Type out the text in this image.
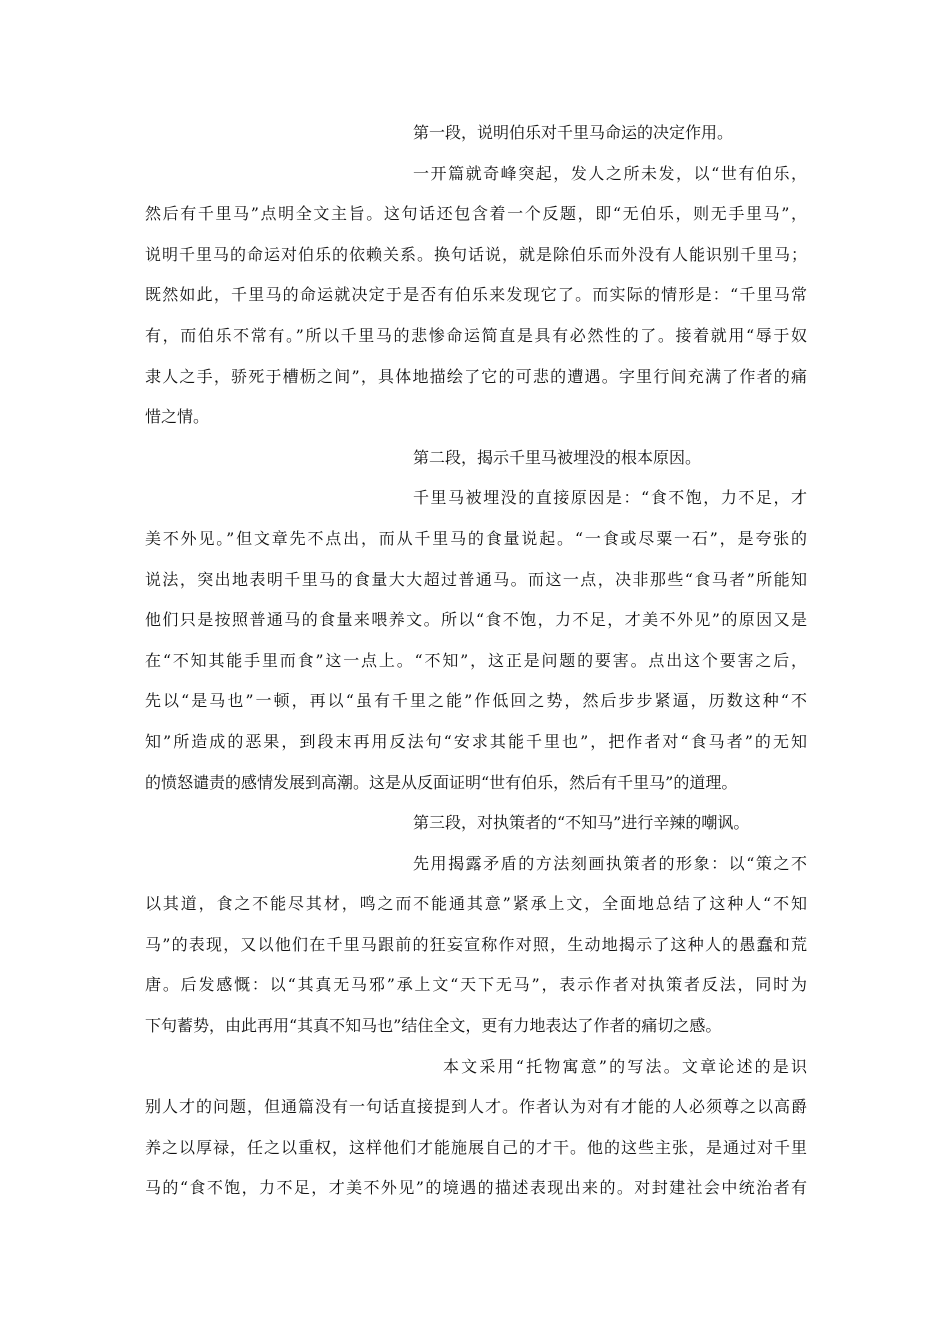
第一段，说明伯乐对千里马命运的决定作用。
一开篇就奇峰突起，发人之所未发，以“世有伯乐，
然后有千里马”点明全文主旨。这句话还包含着一个反题，即“无伯乐，则无手里马”，
说明千里马的命运对伯乐的依赖关系。换句话说，就是除伯乐而外没有人能识别千里马；
既然如此，千里马的命运就决定于是否有伯乐来发现它了。而实际的情形是：“千里马常
有，而伯乐不常有。”所以千里马的悲惨命运简直是具有必然性的了。接着就用“辱于奴
隶人之手，骄死于槽枥之间”，具体地描绘了它的可悲的遭遇。字里行间充满了作者的痛
惜之情。
第二段，揭示千里马被埋没的根本原因。
千里马被埋没的直接原因是：“食不饱，力不足，才
美不外见。”但文章先不点出，而从千里马的食量说起。“一食或尽粟一石”，是夸张的
说法，突出地表明千里马的食量大大超过普通马。而这一点，决非那些“食马者”所能知
他们只是按照普通马的食量来喂养文。所以“食不饱，力不足，才美不外见”的原因又是
在“不知其能手里而食”这一点上。“不知”，这正是问题的要害。点出这个要害之后，
先以“是马也”一顿，再以“虽有千里之能”作低回之势，然后步步紧逼，历数这种“不
知”所造成的恶果，到段末再用反法句“安求其能千里也”，把作者对“食马者”的无知
的愤怒谴责的感情发展到高潮。这是从反面证明“世有伯乐，然后有千里马”的道理。
第三段，对执策者的“不知马”进行辛辣的嘲讽。
先用揭露矛盾的方法刻画执策者的形象：以“策之不
以其道，食之不能尽其材，鸣之而不能通其意”紧承上文，全面地总结了这种人“不知
马”的表现，又以他们在千里马跟前的狂妄宣称作对照，生动地揭示了这种人的愚蠢和荒
唐。后发感慨：以“其真无马邪”承上文“天下无马”，表示作者对执策者反法，同时为
下句蓄势，由此再用“其真不知马也”结住全文，更有力地表达了作者的痛切之感。
本文采用“托物寓意”的写法。文章论述的是识
别人才的问题，但通篇没有一句话直接提到人才。作者认为对有才能的人必须尊之以高爵
养之以厚禄，任之以重权，这样他们才能施展自己的才干。他的这些主张，是通过对千里
马的“食不饱，力不足，才美不外见”的境遇的描述表现出来的。对封建社会中统治者有
